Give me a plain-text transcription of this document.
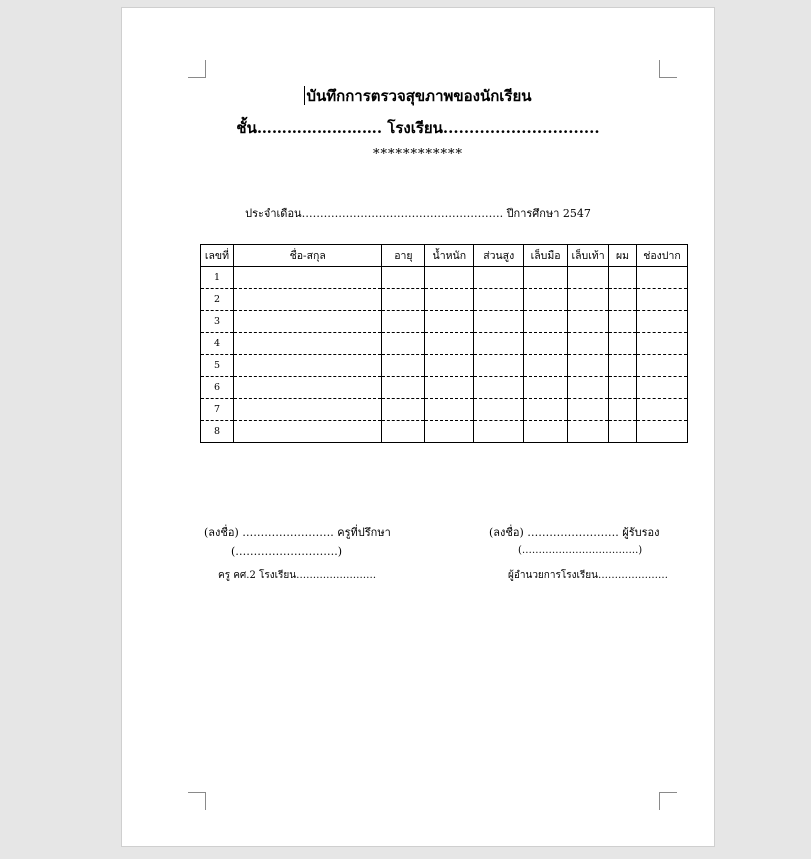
บันทึกการตรวจสุขภาพของนักเรียน
ชั้น……………………. โรงเรียน..............................
************
ประจำเดือน………………………………………………. ปีการศึกษา 2547
เลขที่	ชื่อ-สกุล	อายุ	น้ำหนัก	ส่วนสูง	เล็บมือ	เล็บเท้า	ผม	ช่องปาก
1								
2								
3								
4								
5								
6								
7								
8								
(ลงชื่อ) ……………………. ครูที่ปรึกษา
(……………………….)
ครู คศ.2 โรงเรียน……………………
(ลงชื่อ) ……………………. ผู้รับรอง
(……………………………..)
ผู้อำนวยการโรงเรียน…………………
